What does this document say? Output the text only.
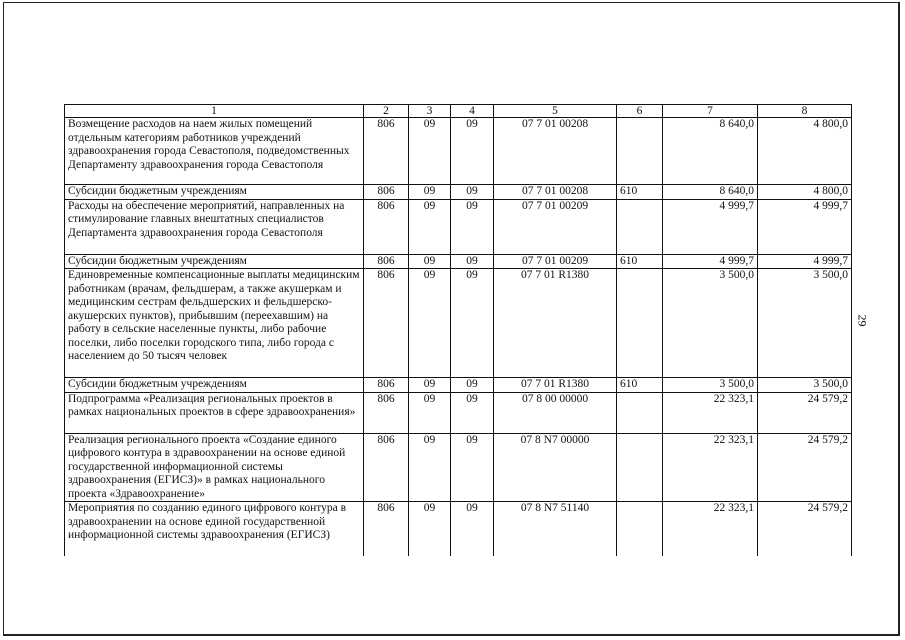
29
1	2	3	4	5	6	7	8
Возмещение расходов на наем жилых помещений отдельным категориям работников учреждений здравоохранения города Севастополя, подведомственных Департаменту здравоохранения города Севастополя	806	09	09	07 7 01 00208		8 640,0	4 800,0
Субсидии бюджетным учреждениям	806	09	09	07 7 01 00208	610	8 640,0	4 800,0
Расходы на обеспечение мероприятий, направленных на стимулирование главных внештатных специалистов Департамента здравоохранения города Севастополя	806	09	09	07 7 01 00209		4 999,7	4 999,7
Субсидии бюджетным учреждениям	806	09	09	07 7 01 00209	610	4 999,7	4 999,7
Единовременные компенсационные выплаты медицинским работникам (врачам, фельдшерам, а также акушеркам и медицинским сестрам фельдшерских и фельдшерско-акушерских пунктов), прибывшим (переехавшим) на работу в сельские населенные пункты, либо рабочие поселки, либо поселки городского типа, либо города с населением до 50 тысяч человек	806	09	09	07 7 01 R1380		3 500,0	3 500,0
Субсидии бюджетным учреждениям	806	09	09	07 7 01 R1380	610	3 500,0	3 500,0
Подпрограмма «Реализация региональных проектов в рамках национальных проектов в сфере здравоохранения»	806	09	09	07 8 00 00000		22 323,1	24 579,2
Реализация регионального проекта «Создание единого цифрового контура в здравоохранении на основе единой государственной информационной системы здравоохранения (ЕГИСЗ)» в рамках национального проекта «Здравоохранение»	806	09	09	07 8 N7 00000		22 323,1	24 579,2
Мероприятия по созданию единого цифрового контура в здравоохранении на основе единой государственной информационной системы здравоохранения (ЕГИСЗ)	806	09	09	07 8 N7 51140		22 323,1	24 579,2
